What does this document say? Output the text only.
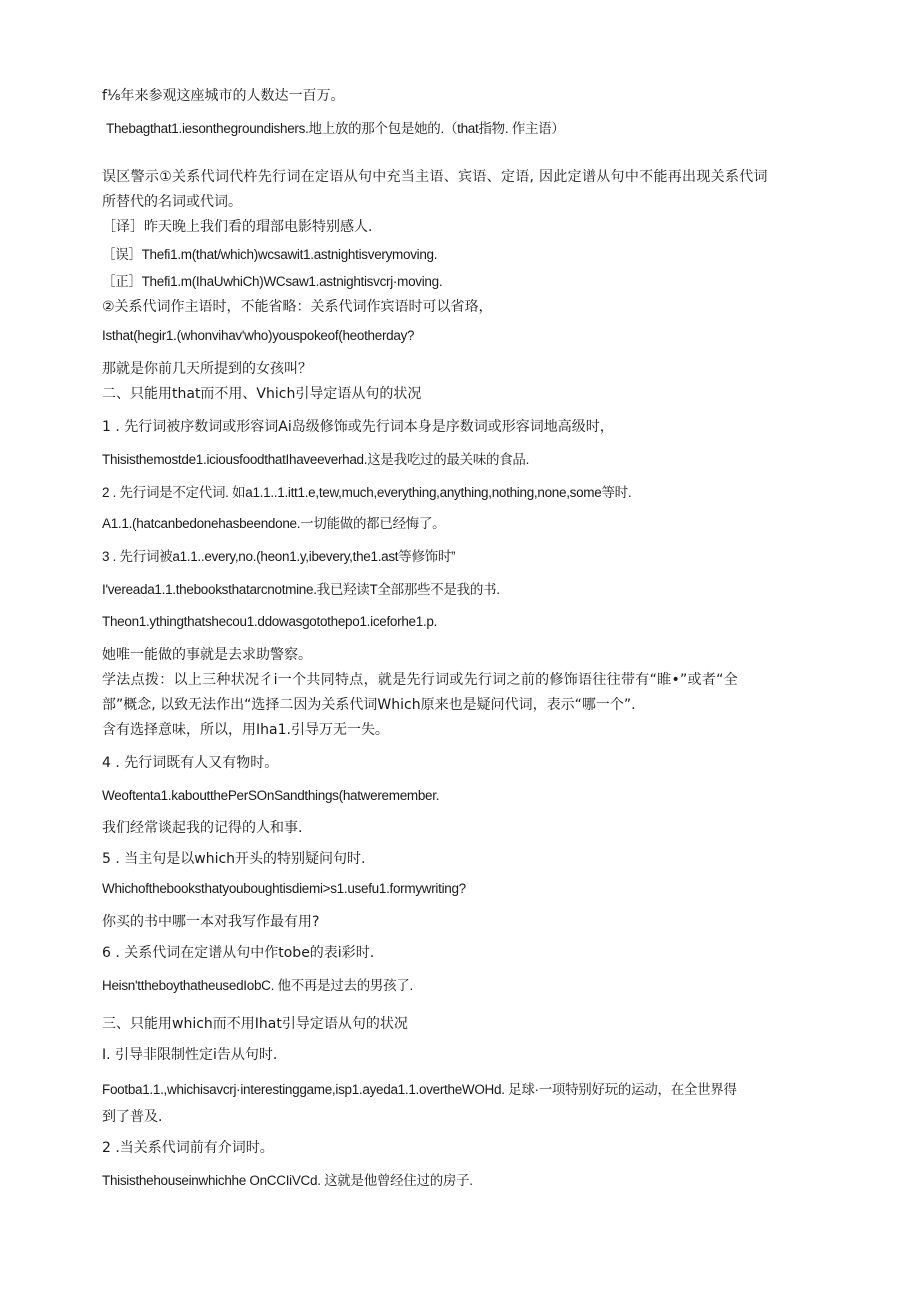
f⅛年来参观这座城市的人数达一百万。
Thebagthat1.iesonthegroundishers.地上放的那个包是她的.（that指物. 作主语）
误区警示①关系代词代杵先行词在定语从句中充当主语、宾语、定语, 因此定谱从句中不能再出现关系代词
所替代的名词或代词。
［译］昨天晚上我们看的瑁部电影特别感人.
［误］Thefi1.m(that/which)wcsawit1.astnightisverymoving.
［正］Thefi1.m(IhaUwhiCh)WCsaw1.astnightisvcrj·moving.
②关系代词作主语时，不能省略：关系代词作宾语时可以省珞，
Isthat(hegir1.(whonvihav'who)youspokeof(heotherday?
那就是你前几天所提到的女孩叫？
二、只能用that而不用、Vhich引导定语从句的状况
1 . 先行词被序数词或形容词Ai岛级修饰或先行词本身是序数词或形容词地高级时，
Thisisthemostde1.iciousfoodthatIhaveeverhad.这是我吃过的最关味的食品.
2 . 先行词是不定代词. 如a1.1..1.itt1.e,tew,much,everything,anything,nothing,none,some等时.
A1.1.(hatcanbedonehasbeendone.一切能做的都已经悔了。
3 . 先行词被a1.1..every,no.(heon1.y,ibevery,the1.ast等修饰时”
I'vereada1.1.thebooksthatarcnotmine.我已羟读T全部那些不是我的书.
Theon1.ythingthatshecou1.ddowasgotothepo1.iceforhe1.p.
她唯一能做的事就是去求助警察。
学法点拨：以上三种状况彳i一个共同特点，就是先行词或先行词之前的修饰语往往带有“睢•”或者“全
部”概念, 以致无法作出“选择二因为关系代词Which原来也是疑问代词，表示“哪一个”.
含有选择意味，所以，用Iha1.引导万无一失。
4 . 先行词既有人又有物时。
Weoftenta1.kaboutthePerSOnSandthings(hatweremember.
我们经常谈起我的记得的人和事.
5 . 当主句是以which开头的特别疑问句时.
Whichofthebooksthatyouboughtisdiemi>s1.usefu1.formywriting?
你买的书中哪一本对我写作最有用?
6 . 关系代词在定谱从句中作tobe的表i彩时.
Heisn'ttheboythatheusedIobC. 他不再是过去的男孩了.
三、只能用which而不用Ihat引导定语从句的状况
I. 引导非限制性定i告从句时.
Footba1.1.,whichisavcrj·interestinggame,isp1.ayeda1.1.overtheWOHd. 足球·一项特别好玩的运动，在全世界得
到了普及.
2 .当关系代词前有介词时。
Thisisthehouseinwhichhe OnCCIiVCd. 这就是他曾经住过的房子.
